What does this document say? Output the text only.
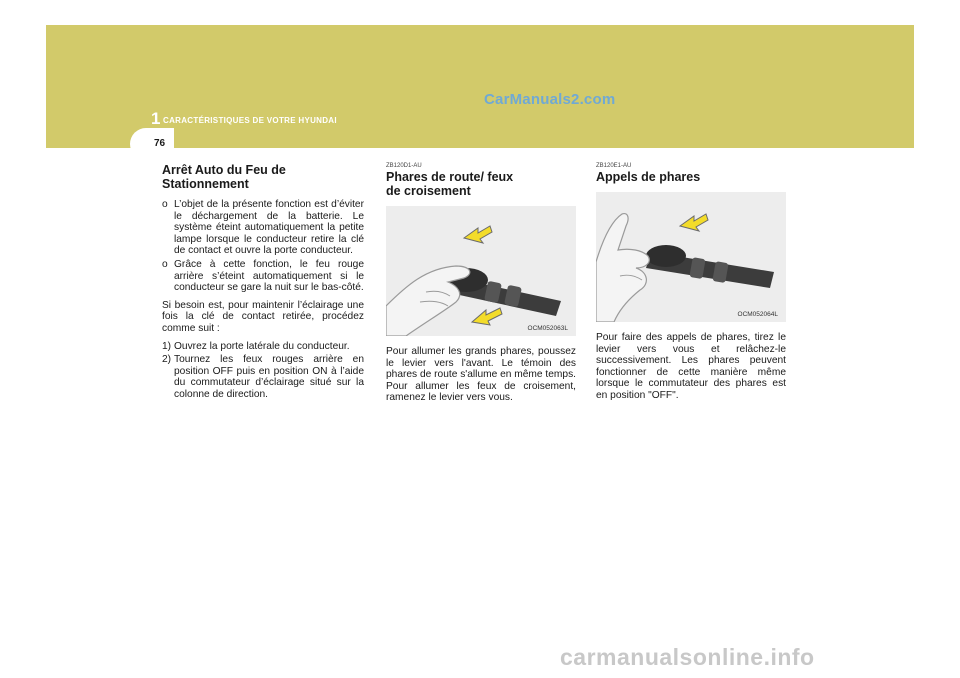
1 CARACTÉRISTIQUES DE VOTRE HYUNDAI
CarManuals2.com
76
Arrêt Auto du Feu de Stationnement
o L’objet de la présente fonction est d’éviter le déchargement de la batterie. Le système éteint automatiquement la petite lampe lorsque le conducteur retire la clé de contact et ouvre la porte conducteur.
o Grâce à cette fonction, le feu rouge arrière s’éteint automatiquement si le conducteur se gare la nuit sur le bas-côté.
Si besoin est, pour maintenir l’éclairage une fois la clé de contact retirée, procédez comme suit :
1) Ouvrez la porte latérale du conducteur.
2) Tournez les feux rouges arrière en position OFF puis en position ON à l’aide du commutateur d’éclairage situé sur la colonne de direction.
ZB120D1-AU
Phares de route/ feux de croisement
OCM052063L
Pour allumer les grands phares, poussez le levier vers l'avant. Le témoin des phares de route s'allume en même temps. Pour allumer les feux de croisement, ramenez le levier vers vous.
ZB120E1-AU
Appels de phares
OCM052064L
Pour faire des appels de phares, tirez le levier vers vous et relâchez-le successivement. Les phares peuvent fonctionner de cette manière même lorsque le commutateur des phares est en position "OFF".
carmanualsonline.info
